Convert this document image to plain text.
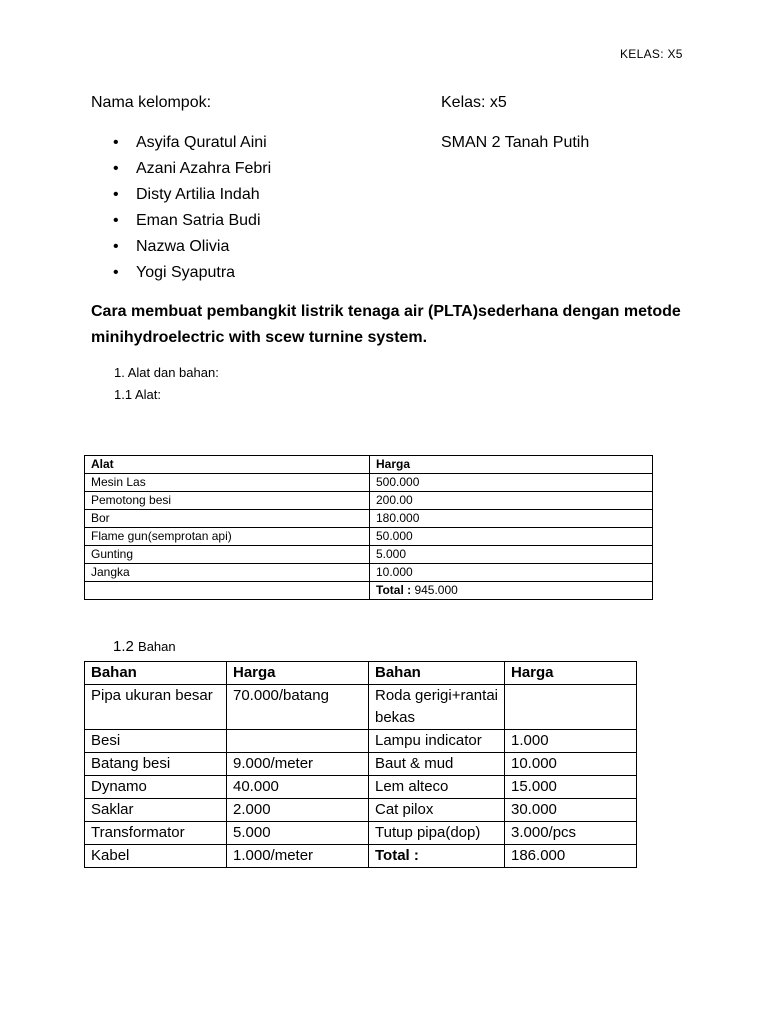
KELAS: X5
Nama kelompok:	Kelas: x5
SMAN 2 Tanah Putih
• Asyifa Quratul Aini
• Azani Azahra Febri
• Disty Artilia Indah
• Eman Satria Budi
• Nazwa Olivia
• Yogi Syaputra
Cara membuat pembangkit listrik tenaga air (PLTA)sederhana dengan metode minihydroelectric with scew turnine system.
1. Alat dan bahan:
1.1 Alat:
Alat	Harga
Mesin Las	500.000
Pemotong besi	200.00
Bor	180.000
Flame gun(semprotan api)	50.000
Gunting	5.000
Jangka	10.000
	Total : 945.000
1.2 Bahan
Bahan	Harga	Bahan	Harga
Pipa ukuran besar	70.000/batang	Roda gerigi+rantai bekas	
Besi		Lampu indicator	1.000
Batang besi	9.000/meter	Baut & mud	10.000
Dynamo	40.000	Lem alteco	15.000
Saklar	2.000	Cat pilox	30.000
Transformator	5.000	Tutup pipa(dop)	3.000/pcs
Kabel	1.000/meter	Total :	186.000
